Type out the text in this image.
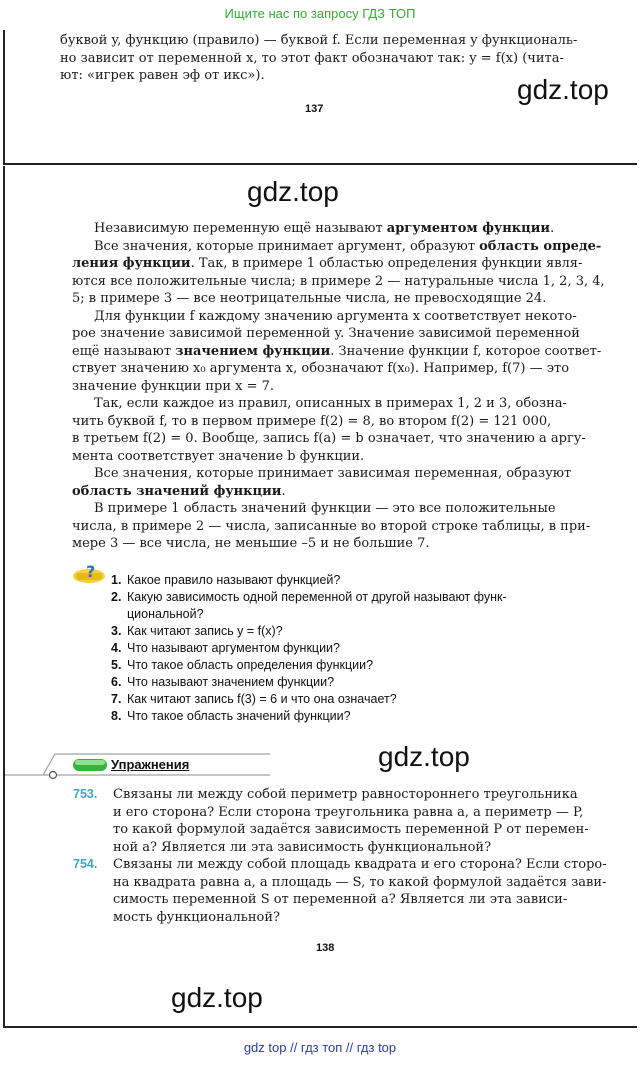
Ищите нас по запросу ГДЗ ТОП
буквой y, функцию (правило) — буквой f. Если переменная y функциональ-
но зависит от переменной x, то этот факт обозначают так: y = f(x) (чита-
ют: «игрек равен эф от икс»).
137
gdz.top
gdz.top
Независимую переменную ещё называют аргументом функции.
Все значения, которые принимает аргумент, образуют область опреде-
ления функции. Так, в примере 1 областью определения функции явля-
ются все положительные числа; в примере 2 — натуральные числа 1, 2, 3, 4,
5; в примере 3 — все неотрицательные числа, не превосходящие 24.
Для функции f каждому значению аргумента x соответствует некото-
рое значение зависимой переменной y. Значение зависимой переменной
ещё называют значением функции. Значение функции f, которое соответ-
ствует значению x₀ аргумента x, обозначают f(x₀). Например, f(7) — это
значение функции при x = 7.
Так, если каждое из правил, описанных в примерах 1, 2 и 3, обозна-
чить буквой f, то в первом примере f(2) = 8, во втором f(2) = 121 000,
в третьем f(2) = 0. Вообще, запись f(a) = b означает, что значению a аргу-
мента соответствует значение b функции.
Все значения, которые принимает зависимая переменная, образуют
область значений функции.
В примере 1 область значений функции — это все положительные
числа, в примере 2 — числа, записанные во второй строке таблицы, в при-
мере 3 — все числа, не меньшие –5 и не большие 7.
? 1. Какое правило называют функцией?
2. Какую зависимость одной переменной от другой называют функ-
циональной?
3. Как читают запись y = f(x)?
4. Что называют аргументом функции?
5. Что такое область определения функции?
6. Что называют значением функции?
7. Как читают запись f(3) = 6 и что она означает?
8. Что такое область значений функции?
Упражнения	gdz.top
753. Связаны ли между собой периметр равностороннего треугольника
и его сторона? Если сторона треугольника равна a, а периметр — P,
то какой формулой задаётся зависимость переменной P от перемен-
ной a? Является ли эта зависимость функциональной?
754. Связаны ли между собой площадь квадрата и его сторона? Если сторо-
на квадрата равна a, а площадь — S, то какой формулой задаётся зави-
симость переменной S от переменной a? Является ли эта зависи-
мость функциональной?
138
gdz.top
gdz top // гдз топ // гдз top
